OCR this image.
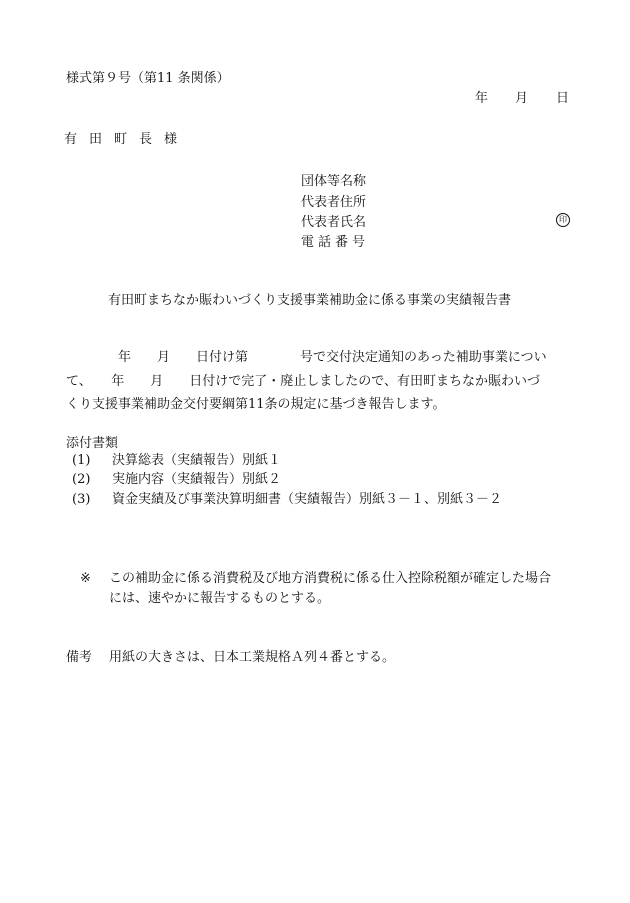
様式第９号（第11 条関係）
年 月 日
有田町長様
団体等名称
代表者住所
代表者氏名	印
電話番号
有田町まちなか賑わいづくり支援事業補助金に係る事業の実績報告書
　　　　年　　月　　日付け第　　　　号で交付決定通知のあった補助事業につい
て、　　年　　月　　日付けで完了・廃止しましたので、有田町まちなか賑わいづ
くり支援事業補助金交付要綱第11条の規定に基づき報告します。
添付書類
(1) 決算総表（実績報告）別紙１
(2) 実施内容（実績報告）別紙２
(3) 資金実績及び事業決算明細書（実績報告）別紙３－１、別紙３－２
※ この補助金に係る消費税及び地方消費税に係る仕入控除税額が確定した場合
には、速やかに報告するものとする。
備考 用紙の大きさは、日本工業規格Ａ列４番とする。
